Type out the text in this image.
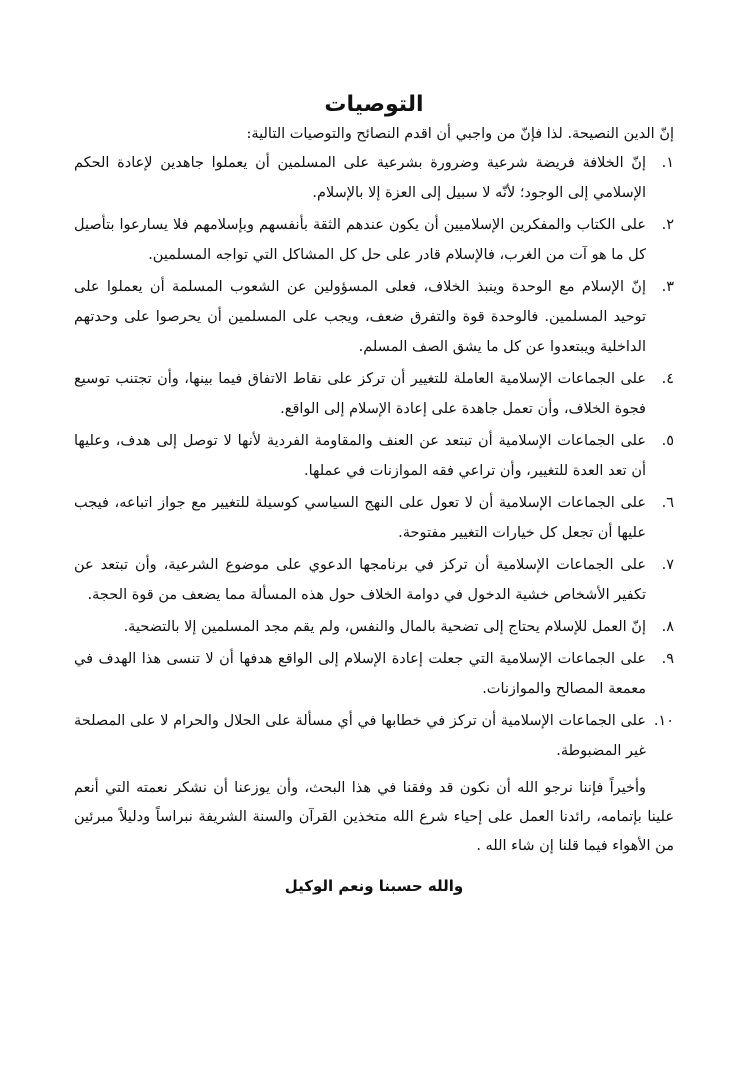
التوصيات

إنّ الدين النصيحة. لذا فإنّ من واجبي أن اقدم النصائح والتوصيات التالية:

١.
إنّ الخلافة فريضة شرعية وضرورة بشرعية على المسلمين أن يعملوا جاهدين لإعادة الحكم الإسلامي إلى الوجود؛ لأنّه لا سبيل إلى العزة إلا بالإسلام.
٢.
على الكتاب والمفكرين الإسلاميين أن يكون عندهم الثقة بأنفسهم وبإسلامهم فلا يسارعوا بتأصيل كل ما هو آت من الغرب، فالإسلام قادر على حل كل المشاكل التي تواجه المسلمين.
٣.
إنّ الإسلام مع الوحدة وينبذ الخلاف، فعلى المسؤولين عن الشعوب المسلمة أن يعملوا على توحيد المسلمين. فالوحدة قوة والتفرق ضعف، ويجب على المسلمين أن يحرصوا على وحدتهم الداخلية ويبتعدوا عن كل ما يشق الصف المسلم.
٤.
على الجماعات الإسلامية العاملة للتغيير أن تركز على نقاط الاتفاق فيما بينها، وأن تجتنب توسيع فجوة الخلاف، وأن تعمل جاهدة على إعادة الإسلام إلى الواقع.
٥.
على الجماعات الإسلامية أن تبتعد عن العنف والمقاومة الفردية لأنها لا توصل إلى هدف، وعليها أن تعد العدة للتغيير، وأن تراعي فقه الموازنات في عملها.
٦.
على الجماعات الإسلامية أن لا تعول على النهج السياسي كوسيلة للتغيير مع جواز اتباعه، فيجب عليها أن تجعل كل خيارات التغيير مفتوحة.
٧.
على الجماعات الإسلامية أن تركز في برنامجها الدعوي على موضوع الشرعية، وأن تبتعد عن تكفير الأشخاص خشية الدخول في دوامة الخلاف حول هذه المسألة مما يضعف من قوة الحجة.
٨.
إنّ العمل للإسلام يحتاج إلى تضحية بالمال والنفس، ولم يقم مجد المسلمين إلا بالتضحية.
٩.
على الجماعات الإسلامية التي جعلت إعادة الإسلام إلى الواقع هدفها أن لا تنسى هذا الهدف في معمعة المصالح والموازنات.
١٠.
على الجماعات الإسلامية أن تركز في خطابها في أي مسألة على الحلال والحرام لا على المصلحة غير المضبوطة.

وأخيراً فإننا نرجو الله أن نكون قد وفقنا في هذا البحث، وأن يوزعنا أن نشكر نعمته التي أنعم علينا بإتمامه، رائدنا العمل على إحياء شرع الله متخذين القرآن والسنة الشريفة نبراساً ودليلاً مبرئين من الأهواء فيما قلنا إن شاء الله .

والله حسبنا ونعم الوكيل
